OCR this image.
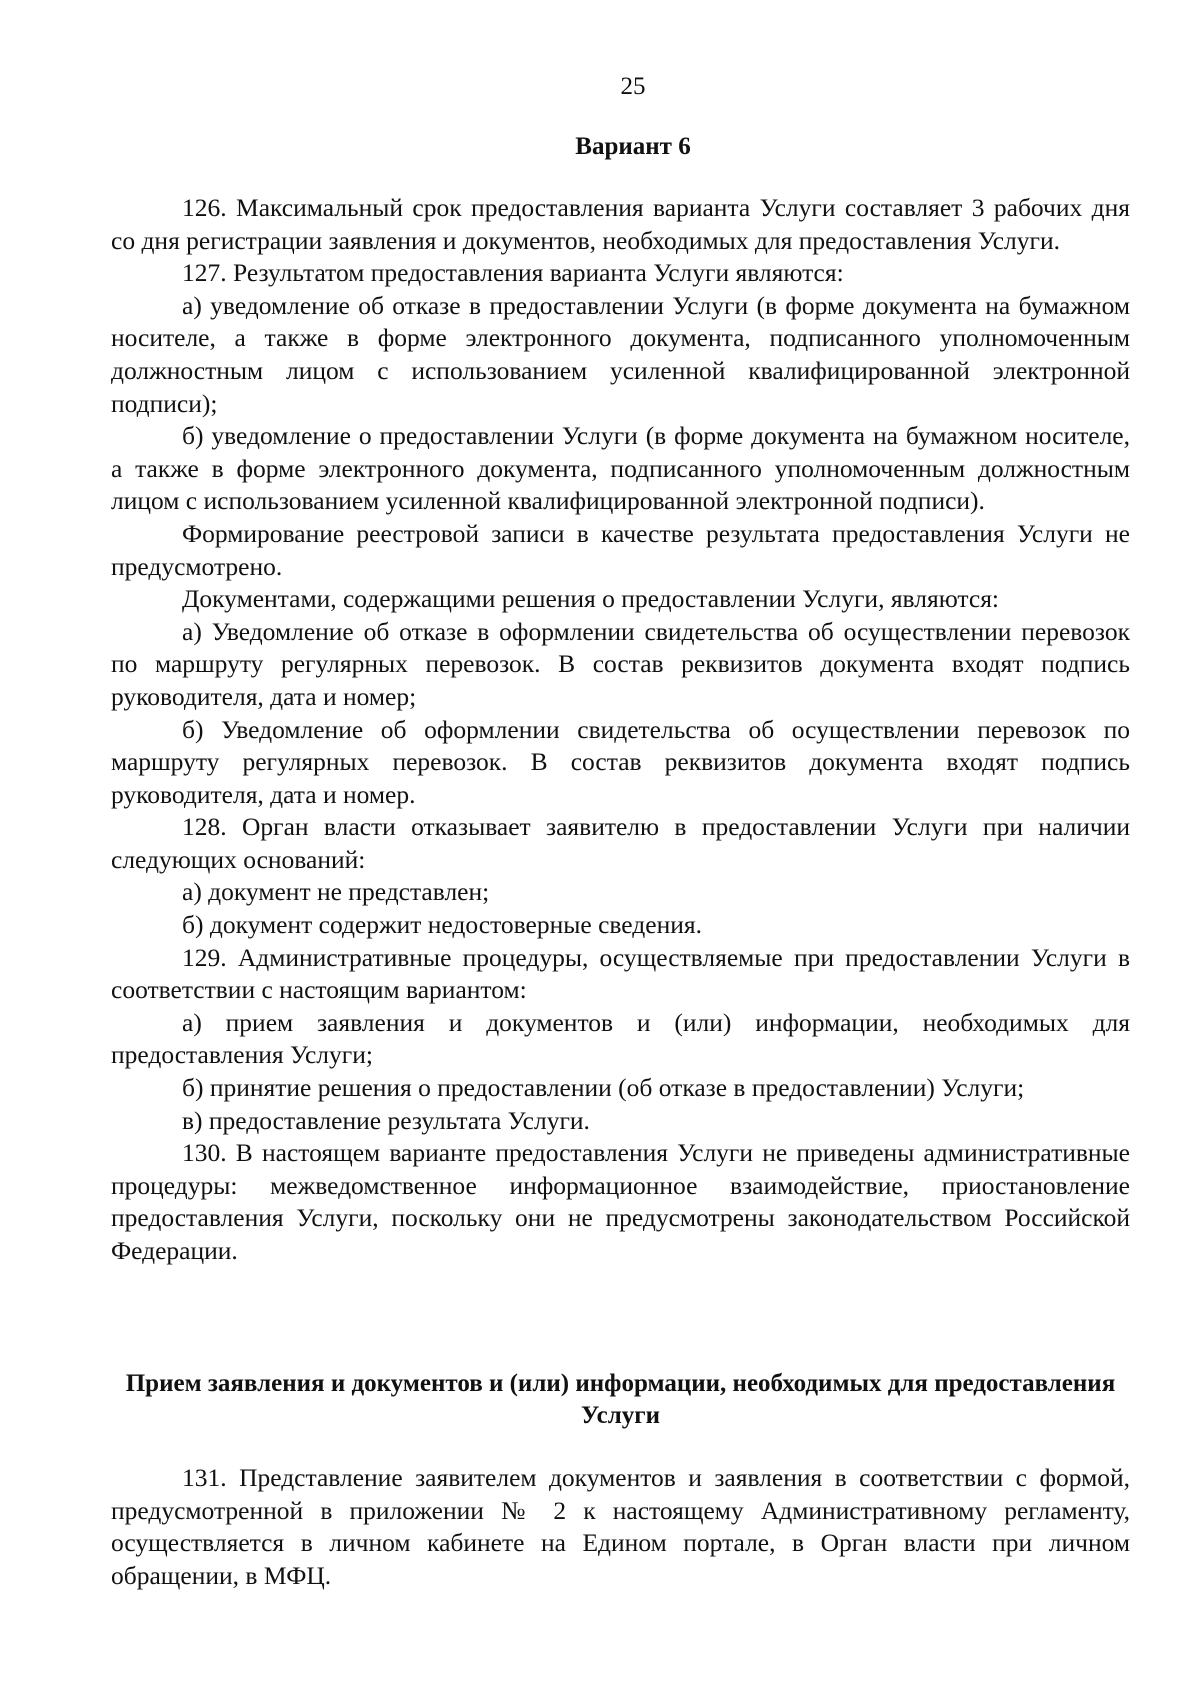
25
Вариант 6

126. Максимальный срок предоставления варианта Услуги составляет 3 рабочих дня со дня регистрации заявления и документов, необходимых для предоставления Услуги.

127. Результатом предоставления варианта Услуги являются:

а) уведомление об отказе в предоставлении Услуги (в форме документа на бумажном носителе, а также в форме электронного документа, подписанного уполномоченным должностным лицом с использованием усиленной квалифицированной электронной подписи);

б) уведомление о предоставлении Услуги (в форме документа на бумажном носителе, а также в форме электронного документа, подписанного уполномоченным должностным лицом с использованием усиленной квалифицированной электронной подписи).

Формирование реестровой записи в качестве результата предоставления Услуги не предусмотрено.

Документами, содержащими решения о предоставлении Услуги, являются:

а) Уведомление об отказе в оформлении свидетельства об осуществлении перевозок по маршруту регулярных перевозок. В состав реквизитов документа входят подпись руководителя, дата и номер;

б) Уведомление об оформлении свидетельства об осуществлении перевозок по маршруту регулярных перевозок. В состав реквизитов документа входят подпись руководителя, дата и номер.

128. Орган власти отказывает заявителю в предоставлении Услуги при наличии следующих оснований:

а) документ не представлен;

б) документ содержит недостоверные сведения.

129. Административные процедуры, осуществляемые при предоставлении Услуги в соответствии с настоящим вариантом:

а) прием заявления и документов и (или) информации, необходимых для предоставления Услуги;

б) принятие решения о предоставлении (об отказе в предоставлении) Услуги;

в) предоставление результата Услуги.

130. В настоящем варианте предоставления Услуги не приведены административные процедуры: межведомственное информационное взаимодействие, приостановление предоставления Услуги, поскольку они не предусмотрены законодательством Российской Федерации.

Прием заявления и документов и (или) информации, необходимых для предоставления Услуги

131. Представление заявителем документов и заявления в соответствии с формой, предусмотренной в приложении № 2 к настоящему Административному регламенту, осуществляется в личном кабинете на Едином портале, в Орган власти при личном обращении, в МФЦ.
